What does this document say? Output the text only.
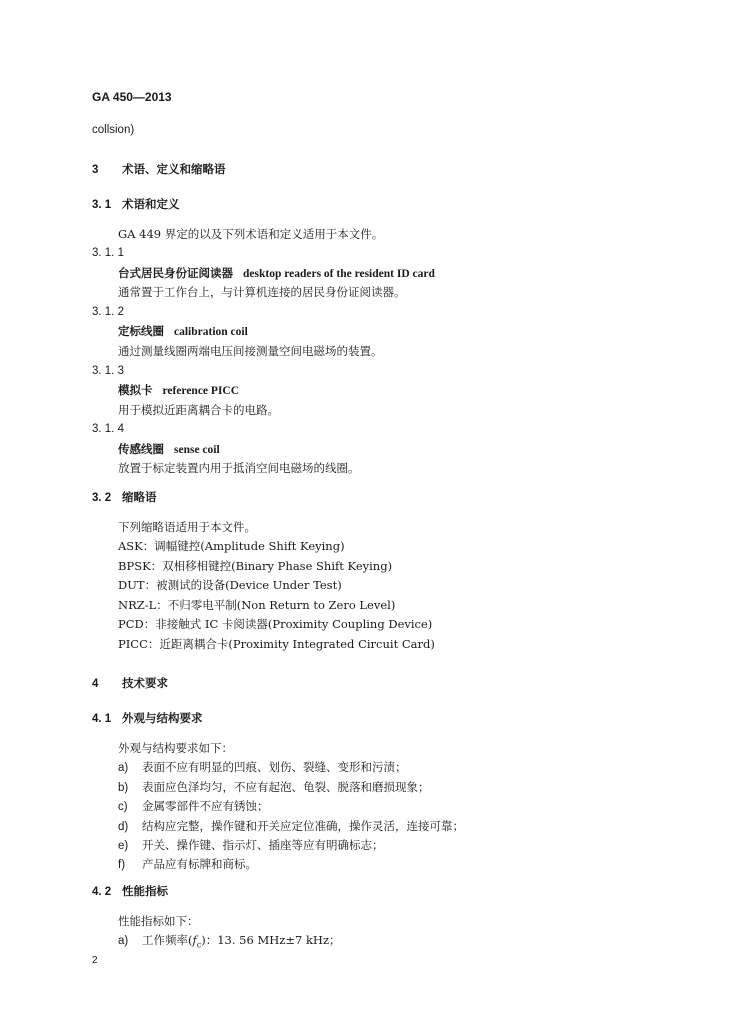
GA 450—2013
collsion)
3 术语、定义和缩略语
3. 1 术语和定义
GA 449 界定的以及下列术语和定义适用于本文件。
3. 1. 1
台式居民身份证阅读器 desktop readers of the resident ID card
通常置于工作台上，与计算机连接的居民身份证阅读器。
3. 1. 2
定标线圈 calibration coil
通过测量线圈两端电压间接测量空间电磁场的装置。
3. 1. 3
模拟卡 reference PICC
用于模拟近距离耦合卡的电路。
3. 1. 4
传感线圈 sense coil
放置于标定装置内用于抵消空间电磁场的线圈。
3. 2 缩略语
下列缩略语适用于本文件。
ASK：调幅键控(Amplitude Shift Keying)
BPSK：双相移相键控(Binary Phase Shift Keying)
DUT：被测试的设备(Device Under Test)
NRZ-L：不归零电平制(Non Return to Zero Level)
PCD：非接触式 IC 卡阅读器(Proximity Coupling Device)
PICC：近距离耦合卡(Proximity Integrated Circuit Card)
4 技术要求
4. 1 外观与结构要求
外观与结构要求如下：
a) 表面不应有明显的凹痕、划伤、裂缝、变形和污渍；
b) 表面应色泽均匀，不应有起泡、龟裂、脱落和磨损现象；
c) 金属零部件不应有锈蚀；
d) 结构应完整，操作键和开关应定位准确，操作灵活，连接可靠；
e) 开关、操作键、指示灯、插座等应有明确标志；
f) 产品应有标牌和商标。
4. 2 性能指标
性能指标如下：
a) 工作频率$(f_c)$：13. 56 MHz±7 kHz；
2
